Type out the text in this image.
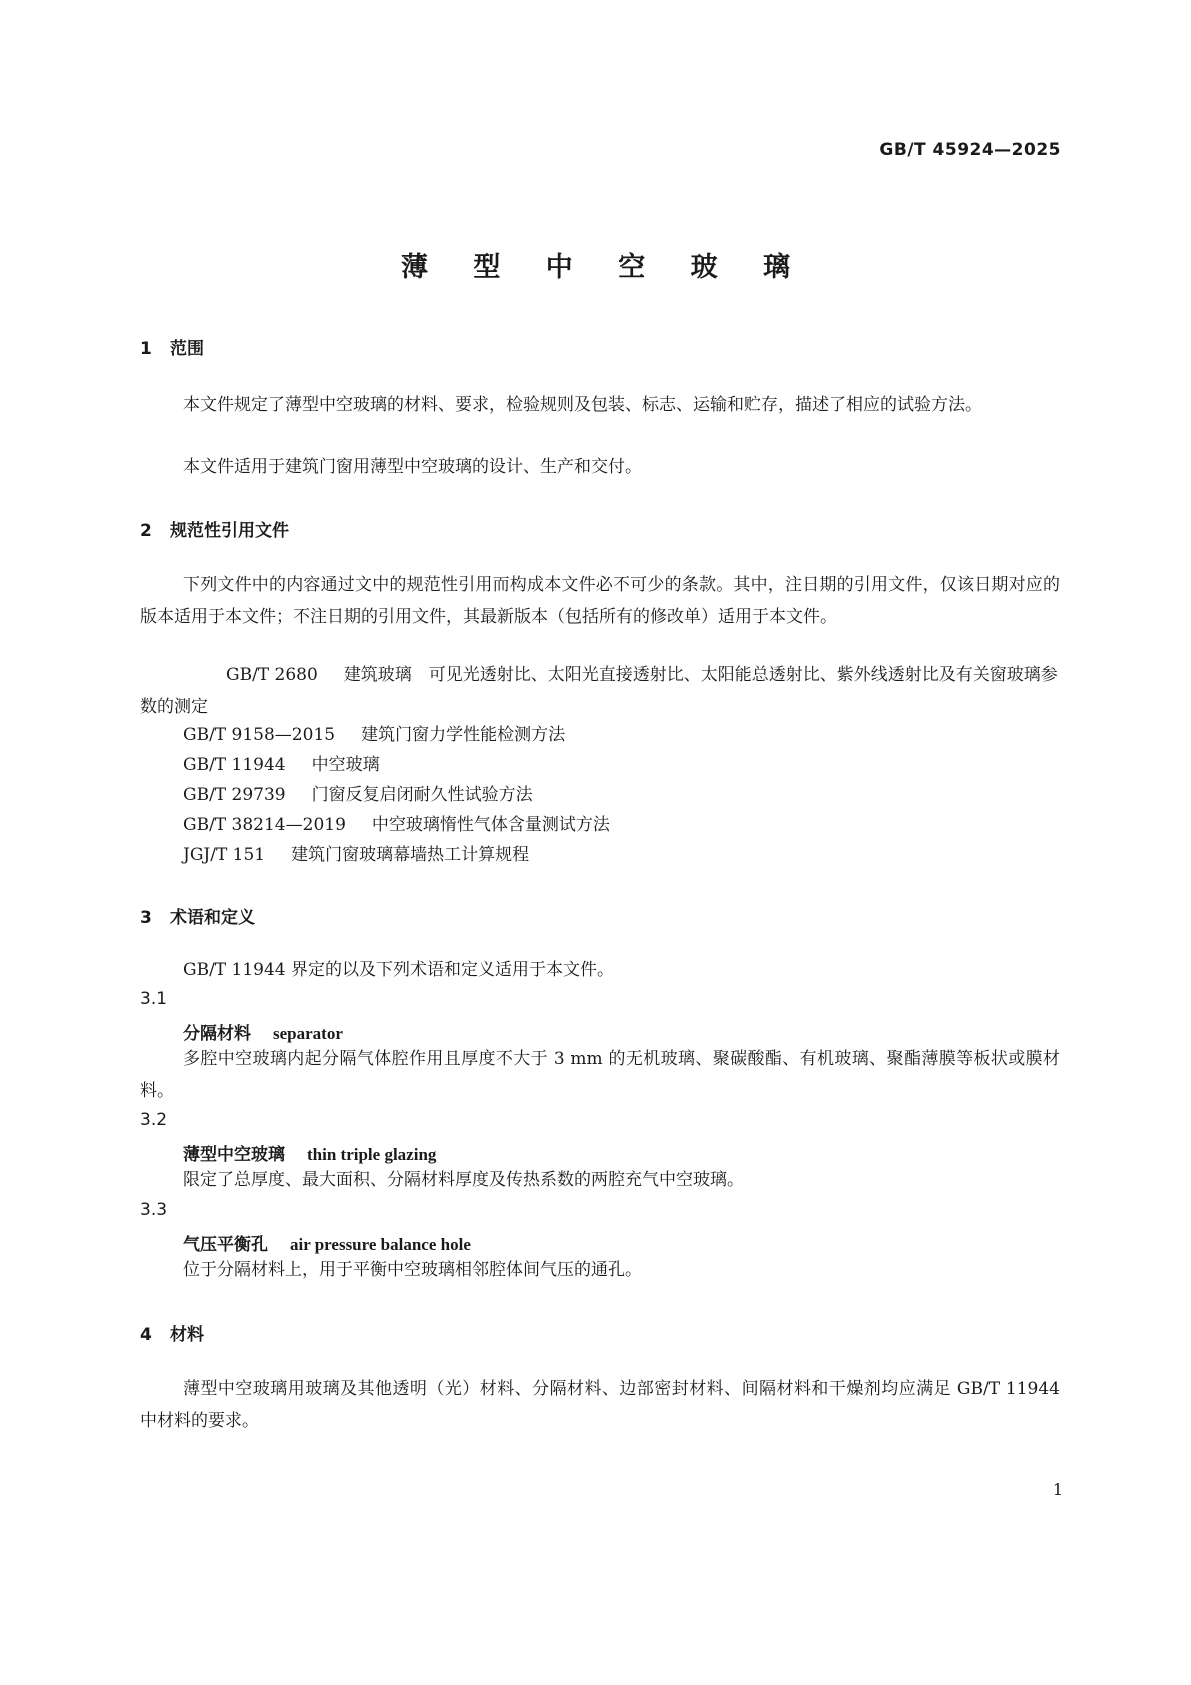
GB/T 45924—2025
薄 型 中 空 玻 璃
1 范围
本文件规定了薄型中空玻璃的材料、要求，检验规则及包装、标志、运输和贮存，描述了相应的试验方法。
本文件适用于建筑门窗用薄型中空玻璃的设计、生产和交付。
2 规范性引用文件
下列文件中的内容通过文中的规范性引用而构成本文件必不可少的条款。其中，注日期的引用文件，仅该日期对应的版本适用于本文件；不注日期的引用文件，其最新版本（包括所有的修改单）适用于本文件。
GB/T 2680 建筑玻璃　可见光透射比、太阳光直接透射比、太阳能总透射比、紫外线透射比及有关窗玻璃参数的测定
GB/T 9158—2015 建筑门窗力学性能检测方法
GB/T 11944 中空玻璃
GB/T 29739 门窗反复启闭耐久性试验方法
GB/T 38214—2019 中空玻璃惰性气体含量测试方法
JGJ/T 151 建筑门窗玻璃幕墙热工计算规程
3 术语和定义
GB/T 11944 界定的以及下列术语和定义适用于本文件。
3.1
分隔材料 separator
多腔中空玻璃内起分隔气体腔作用且厚度不大于 3 mm 的无机玻璃、聚碳酸酯、有机玻璃、聚酯薄膜等板状或膜材料。
3.2
薄型中空玻璃 thin triple glazing
限定了总厚度、最大面积、分隔材料厚度及传热系数的两腔充气中空玻璃。
3.3
气压平衡孔 air pressure balance hole
位于分隔材料上，用于平衡中空玻璃相邻腔体间气压的通孔。
4 材料
薄型中空玻璃用玻璃及其他透明（光）材料、分隔材料、边部密封材料、间隔材料和干燥剂均应满足 GB/T 11944 中材料的要求。
1
